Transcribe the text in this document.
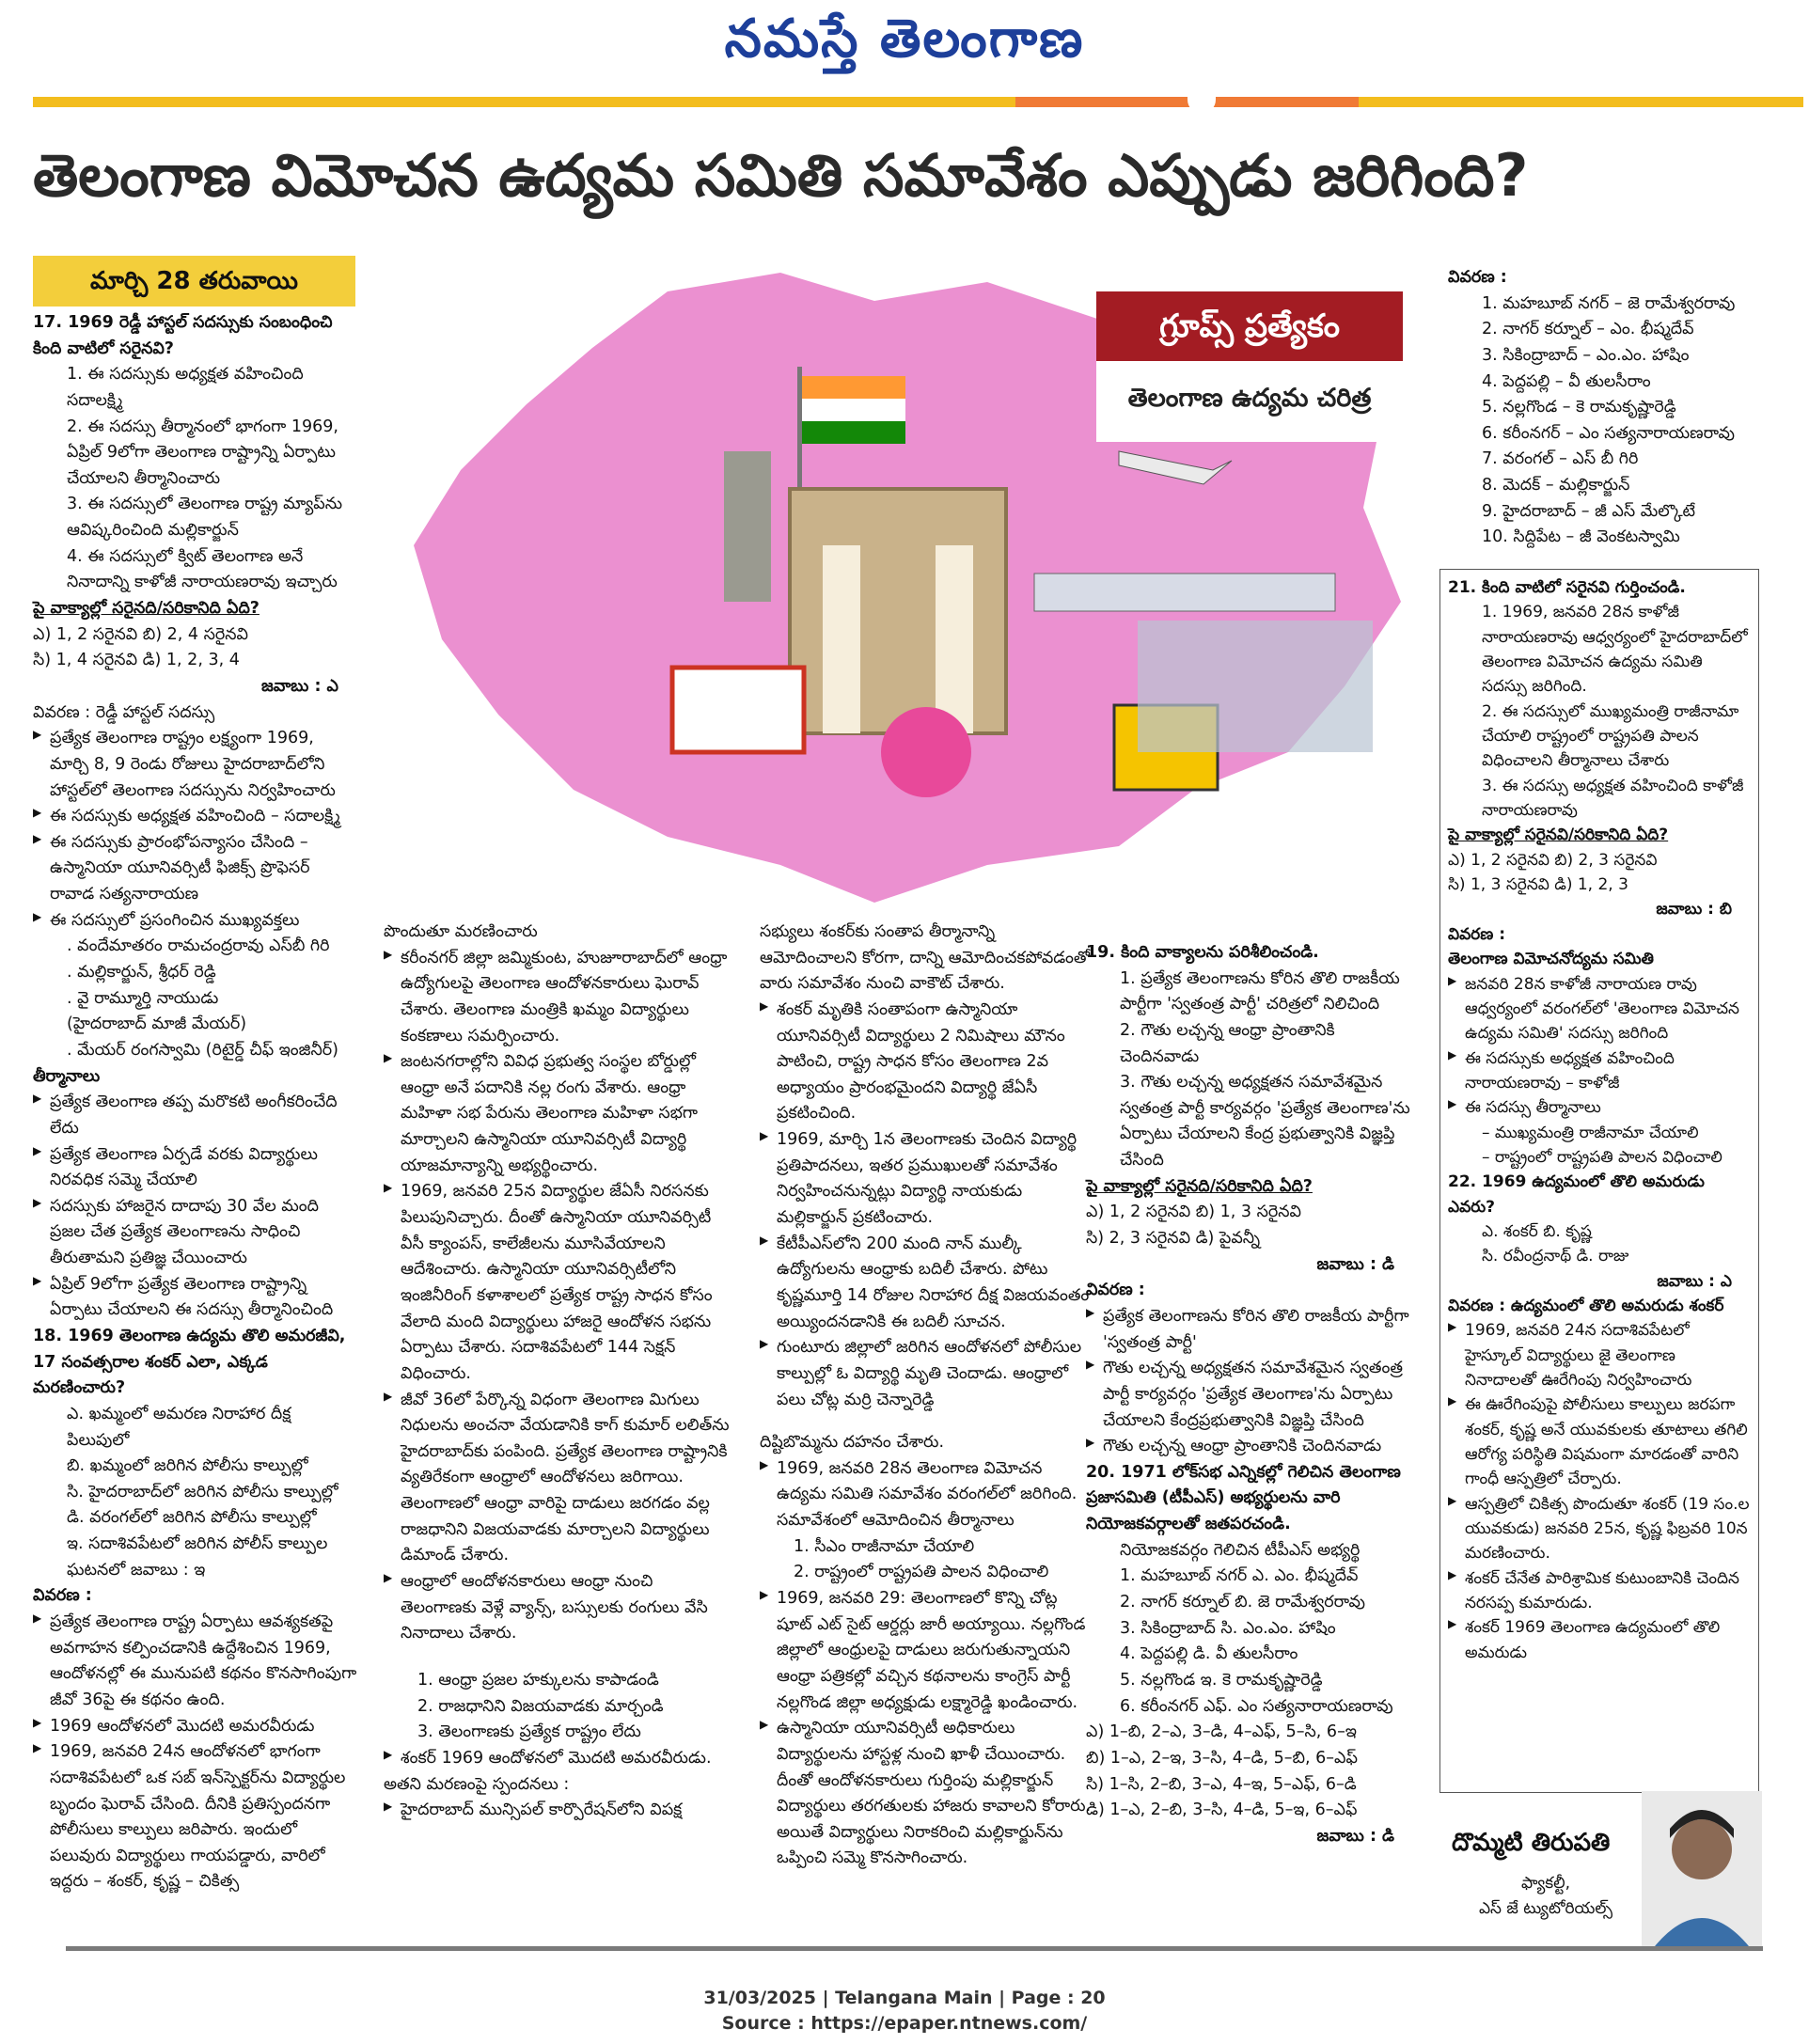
నమస్తే తెలంగాణ
తెలంగాణ విమోచన ఉద్యమ సమితి సమావేశం ఎప్పుడు జరిగింది?
మార్చి 28 తరువాయి
గ్రూప్స్ ప్రత్యేకం
తెలంగాణ ఉద్యమ చరిత్ర

17. 1969 రెడ్డీ హాస్టల్ సదస్సుకు సంబంధించి కింది వాటిలో సరైనవి?

1. ఈ సదస్సుకు అధ్యక్షత వహించింది సదాలక్ష్మి

2. ఈ సదస్సు తీర్మానంలో భాగంగా 1969, ఏప్రిల్ 9లోగా తెలంగాణ రాష్ట్రాన్ని ఏర్పాటు చేయాలని తీర్మానించారు

3. ఈ సదస్సులో తెలంగాణ రాష్ట్ర మ్యాప్‌ను ఆవిష్కరించింది మల్లికార్జున్

4. ఈ సదస్సులో క్విట్ తెలంగాణ అనే నినాదాన్ని కాళోజీ నారాయణరావు ఇచ్చారు

పై వాక్యాల్లో సరైనది/సరికానిది ఏది?

ఎ) 1, 2 సరైనవి బి) 2, 4 సరైనవి

సి) 1, 4 సరైనవి డి) 1, 2, 3, 4

జవాబు : ఎ

వివరణ : రెడ్డీ హాస్టల్ సదస్సు

▶ ప్రత్యేక తెలంగాణ రాష్ట్రం లక్ష్యంగా 1969, మార్చి 8, 9 రెండు రోజులు హైదరాబాద్‌లోని హాస్టల్‌లో తెలంగాణ సదస్సును నిర్వహించారు

▶ ఈ సదస్సుకు అధ్యక్షత వహించింది – సదాలక్ష్మి

▶ ఈ సదస్సుకు ప్రారంభోపన్యాసం చేసింది – ఉస్మానియా యూనివర్సిటీ ఫిజిక్స్ ప్రొఫెసర్ రావాడ సత్యనారాయణ

▶ ఈ సదస్సులో ప్రసంగించిన ముఖ్యవక్తలు

. వందేమాతరం రామచంద్రరావు ఎస్‌బీ గిరి

. మల్లికార్జున్, శ్రీధర్ రెడ్డి

. వై రామ్మూర్తి నాయుడు

(హైదరాబాద్ మాజీ మేయర్)

. మేయర్ రంగస్వామి (రిటైర్డ్ చీఫ్ ఇంజినీర్)

తీర్మానాలు

▶ ప్రత్యేక తెలంగాణ తప్ప మరొకటి అంగీకరించేది లేదు

▶ ప్రత్యేక తెలంగాణ ఏర్పడే వరకు విద్యార్థులు నిరవధిక సమ్మె చేయాలి

▶ సదస్సుకు హాజరైన దాదాపు 30 వేల మంది ప్రజల చేత ప్రత్యేక తెలంగాణను సాధించి తీరుతామని ప్రతిజ్ఞ చేయించారు

▶ ఏప్రిల్ 9లోగా ప్రత్యేక తెలంగాణ రాష్ట్రాన్ని ఏర్పాటు చేయాలని ఈ సదస్సు తీర్మానించింది

18. 1969 తెలంగాణ ఉద్యమ తొలి అమరజీవి, 17 సంవత్సరాల శంకర్ ఎలా, ఎక్కడ మరణించారు?

ఎ. ఖమ్మంలో అమరణ నిరాహార దీక్ష పిలుపులో

బి. ఖమ్మంలో జరిగిన పోలీసు కాల్పుల్లో

సి. హైదరాబాద్‌లో జరిగిన పోలీసు కాల్పుల్లో

డి. వరంగల్‌లో జరిగిన పోలీసు కాల్పుల్లో

ఇ. సదాశివపేటలో జరిగిన పోలీస్ కాల్పుల ఘటనలో జవాబు : ఇ

వివరణ :

▶ ప్రత్యేక తెలంగాణ రాష్ట్ర ఏర్పాటు ఆవశ్యకతపై అవగాహన కల్పించడానికి ఉద్దేశించిన 1969, ఆందోళనల్లో ఈ మునుపటి కథనం కొనసాగింపుగా జీవో 36పై ఈ కథనం ఉంది.

▶ 1969 ఆందోళనలో మొదటి అమరవీరుడు

▶ 1969, జనవరి 24న ఆందోళనలో భాగంగా సదాశివపేటలో ఒక సబ్ ఇన్‌స్పెక్టర్‌ను విద్యార్థుల బృందం ఘెరావ్ చేసింది. దీనికి ప్రతిస్పందనగా పోలీసులు కాల్పులు జరిపారు. ఇందులో పలువురు విద్యార్థులు గాయపడ్డారు, వారిలో ఇద్దరు – శంకర్, కృష్ణ – చికిత్స

పొందుతూ మరణించారు

▶ కరీంనగర్ జిల్లా జమ్మికుంట, హుజూరాబాద్‌లో ఆంధ్రా ఉద్యోగులపై తెలంగాణ ఆందోళనకారులు ఘెరావ్ చేశారు. తెలంగాణ మంత్రికి ఖమ్మం విద్యార్థులు కంకణాలు సమర్పించారు.

▶ జంటనగరాల్లోని వివిధ ప్రభుత్వ సంస్థల బోర్డుల్లో ఆంధ్రా అనే పదానికి నల్ల రంగు వేశారు. ఆంధ్రా మహిళా సభ పేరును తెలంగాణ మహిళా సభగా మార్చాలని ఉస్మానియా యూనివర్సిటీ విద్యార్థి యాజమాన్యాన్ని అభ్యర్థించారు.

▶ 1969, జనవరి 25న విద్యార్థుల జేఏసీ నిరసనకు పిలుపునిచ్చారు. దీంతో ఉస్మానియా యూనివర్సిటీ వీసీ క్యాంపస్, కాలేజీలను మూసివేయాలని ఆదేశించారు. ఉస్మానియా యూనివర్సిటీలోని ఇంజినీరింగ్ కళాశాలలో ప్రత్యేక రాష్ట్ర సాధన కోసం వేలాది మంది విద్యార్థులు హాజరై ఆందోళన సభను ఏర్పాటు చేశారు. సదాశివపేటలో 144 సెక్షన్ విధించారు.

▶ జీవో 36లో పేర్కొన్న విధంగా తెలంగాణ మిగులు నిధులను అంచనా వేయడానికి కాగ్ కుమార్ లలిత్‌ను హైదరాబాద్‌కు పంపింది. ప్రత్యేక తెలంగాణ రాష్ట్రానికి వ్యతిరేకంగా ఆంధ్రాలో ఆందోళనలు జరిగాయి. తెలంగాణలో ఆంధ్రా వారిపై దాడులు జరగడం వల్ల రాజధానిని విజయవాడకు మార్చాలని విద్యార్థులు డిమాండ్ చేశారు.

▶ ఆంధ్రాలో ఆందోళనకారులు ఆంధ్రా నుంచి తెలంగాణకు వెళ్లే వ్యాన్స్, బస్సులకు రంగులు వేసి నినాదాలు చేశారు.

1. ఆంధ్రా ప్రజల హక్కులను కాపాడండి

2. రాజధానిని విజయవాడకు మార్చండి

3. తెలంగాణకు ప్రత్యేక రాష్ట్రం లేదు

▶ శంకర్ 1969 ఆందోళనలో మొదటి అమరవీరుడు.

అతని మరణంపై స్పందనలు :

▶ హైదరాబాద్ మున్సిపల్ కార్పొరేషన్‌లోని విపక్ష

సభ్యులు శంకర్‌కు సంతాప తీర్మానాన్ని ఆమోదించాలని కోరగా, దాన్ని ఆమోదించకపోవడంతో వారు సమావేశం నుంచి వాకౌట్ చేశారు.

▶ శంకర్ మృతికి సంతాపంగా ఉస్మానియా యూనివర్సిటీ విద్యార్థులు 2 నిమిషాలు మౌనం పాటించి, రాష్ట్ర సాధన కోసం తెలంగాణ 2వ అధ్యాయం ప్రారంభమైందని విద్యార్థి జేఏసీ ప్రకటించింది.

▶ 1969, మార్చి 1న తెలంగాణకు చెందిన విద్యార్థి ప్రతిపాదనలు, ఇతర ప్రముఖులతో సమావేశం నిర్వహించనున్నట్లు విద్యార్థి నాయకుడు మల్లికార్జున్ ప్రకటించారు.

▶ కేటీపీఎస్‌లోని 200 మంది నాన్ ముల్కీ ఉద్యోగులను ఆంధ్రాకు బదిలీ చేశారు. పోటు కృష్ణమూర్తి 14 రోజుల నిరాహార దీక్ష విజయవంతం అయ్యిందనడానికి ఈ బదిలీ సూచన.

▶ గుంటూరు జిల్లాలో జరిగిన ఆందోళనలో పోలీసుల కాల్పుల్లో ఓ విద్యార్థి మృతి చెందాడు. ఆంధ్రాలో పలు చోట్ల మర్రి చెన్నారెడ్డి

దిష్టిబొమ్మను దహనం చేశారు.

▶ 1969, జనవరి 28న తెలంగాణ విమోచన ఉద్యమ సమితి సమావేశం వరంగల్‌లో జరిగింది. సమావేశంలో ఆమోదించిన తీర్మానాలు

1. సీఎం రాజీనామా చేయాలి

2. రాష్ట్రంలో రాష్ట్రపతి పాలన విధించాలి

▶ 1969, జనవరి 29: తెలంగాణలో కొన్ని చోట్ల షూట్ ఎట్ సైట్ ఆర్డర్లు జారీ అయ్యాయి. నల్లగొండ జిల్లాలో ఆంధ్రులపై దాడులు జరుగుతున్నాయని ఆంధ్రా పత్రికల్లో వచ్చిన కథనాలను కాంగ్రెస్ పార్టీ నల్లగొండ జిల్లా అధ్యక్షుడు లక్ష్మారెడ్డి ఖండించారు.

▶ ఉస్మానియా యూనివర్సిటీ అధికారులు విద్యార్థులను హాస్టళ్ల నుంచి ఖాళీ చేయించారు. దీంతో ఆందోళనకారులు గుర్తింపు మల్లికార్జున్ విద్యార్థులు తరగతులకు హాజరు కావాలని కోరారు. అయితే విద్యార్థులు నిరాకరించి మల్లికార్జున్‌ను ఒప్పించి సమ్మె కొనసాగించారు.

19. కింది వాక్యాలను పరిశీలించండి.

1. ప్రత్యేక తెలంగాణను కోరిన తొలి రాజకీయ పార్టీగా 'స్వతంత్ర పార్టీ' చరిత్రలో నిలిచింది

2. గౌతు లచ్చన్న ఆంధ్రా ప్రాంతానికి చెందినవాడు

3. గౌతు లచ్చన్న అధ్యక్షతన సమావేశమైన స్వతంత్ర పార్టీ కార్యవర్గం 'ప్రత్యేక తెలంగాణ'ను ఏర్పాటు చేయాలని కేంద్ర ప్రభుత్వానికి విజ్ఞప్తి చేసింది

పై వాక్యాల్లో సరైనది/సరికానిది ఏది?

ఎ) 1, 2 సరైనవి బి) 1, 3 సరైనవి

సి) 2, 3 సరైనవి డి) పైవన్నీ

జవాబు : డి

వివరణ :

▶ ప్రత్యేక తెలంగాణను కోరిన తొలి రాజకీయ పార్టీగా 'స్వతంత్ర పార్టీ'

▶ గౌతు లచ్చన్న అధ్యక్షతన సమావేశమైన స్వతంత్ర పార్టీ కార్యవర్గం 'ప్రత్యేక తెలంగాణ'ను ఏర్పాటు చేయాలని కేంద్రప్రభుత్వానికి విజ్ఞప్తి చేసింది

▶ గౌతు లచ్చన్న ఆంధ్రా ప్రాంతానికి చెందినవాడు

20. 1971 లోక్‌సభ ఎన్నికల్లో గెలిచిన తెలంగాణ ప్రజాసమితి (టీపీఎస్) అభ్యర్థులను వారి నియోజకవర్గాలతో జతపరచండి.

నియోజకవర్గం గెలిచిన టీపీఎస్ అభ్యర్థి

1. మహబూబ్ నగర్ ఎ. ఎం. భీష్మదేవ్

2. నాగర్ కర్నూల్ బి. జె రామేశ్వరరావు

3. సికింద్రాబాద్ సి. ఎం.ఎం. హాషిం

4. పెద్దపల్లి డి. వీ తులసీరాం

5. నల్లగొండ ఇ. కె రామకృష్ణారెడ్డి

6. కరీంనగర్ ఎఫ్. ఎం సత్యనారాయణరావు

ఎ) 1–బి, 2–ఎ, 3–డి, 4–ఎఫ్, 5–సి, 6–ఇ

బి) 1–ఎ, 2–ఇ, 3–సి, 4–డి, 5–బి, 6–ఎఫ్

సి) 1–సి, 2–బి, 3–ఎ, 4–ఇ, 5–ఎఫ్, 6–డి

డి) 1–ఎ, 2–బి, 3–సి, 4–డి, 5–ఇ, 6–ఎఫ్

జవాబు : డి

వివరణ :

1. మహబూబ్ నగర్ – జె రామేశ్వరరావు

2. నాగర్ కర్నూల్ – ఎం. భీష్మదేవ్

3. సికింద్రాబాద్ – ఎం.ఎం. హాషిం

4. పెద్దపల్లి – వీ తులసీరాం

5. నల్లగొండ – కె రామకృష్ణారెడ్డి

6. కరీంనగర్ – ఎం సత్యనారాయణరావు

7. వరంగల్ – ఎస్ బీ గిరి

8. మెదక్ – మల్లికార్జున్

9. హైదరాబాద్ – జీ ఎస్ మేల్కొటే

10. సిద్దిపేట – జీ వెంకటస్వామి

21. కింది వాటిలో సరైనవి గుర్తించండి.

1. 1969, జనవరి 28న కాళోజీ నారాయణరావు ఆధ్వర్యంలో హైదరాబాద్‌లో తెలంగాణ విమోచన ఉద్యమ సమితి సదస్సు జరిగింది.

2. ఈ సదస్సులో ముఖ్యమంత్రి రాజీనామా చేయాలి రాష్ట్రంలో రాష్ట్రపతి పాలన విధించాలని తీర్మానాలు చేశారు

3. ఈ సదస్సు అధ్యక్షత వహించింది కాళోజీ నారాయణరావు

పై వాక్యాల్లో సరైనవి/సరికానిది ఏది?

ఎ) 1, 2 సరైనవి బి) 2, 3 సరైనవి

సి) 1, 3 సరైనవి డి) 1, 2, 3

జవాబు : బి

వివరణ :

తెలంగాణ విమోచనోద్యమ సమితి

▶ జనవరి 28న కాళోజీ నారాయణ రావు ఆధ్వర్యంలో వరంగల్‌లో 'తెలంగాణ విమోచన ఉద్యమ సమితి' సదస్సు జరిగింది

▶ ఈ సదస్సుకు అధ్యక్షత వహించింది నారాయణరావు – కాళోజీ

▶ ఈ సదస్సు తీర్మానాలు

– ముఖ్యమంత్రి రాజీనామా చేయాలి

– రాష్ట్రంలో రాష్ట్రపతి పాలన విధించాలి

22. 1969 ఉద్యమంలో తొలి అమరుడు ఎవరు?

ఎ. శంకర్ బి. కృష్ణ

సి. రవీంద్రనాథ్ డి. రాజు

జవాబు : ఎ

వివరణ : ఉద్యమంలో తొలి అమరుడు శంకర్

▶ 1969, జనవరి 24న సదాశివపేటలో హైస్కూల్ విద్యార్థులు జై తెలంగాణ నినాదాలతో ఊరేగింపు నిర్వహించారు

▶ ఈ ఊరేగింపుపై పోలీసులు కాల్పులు జరపగా శంకర్, కృష్ణ అనే యువకులకు తూటాలు తగిలి ఆరోగ్య పరిస్థితి విషమంగా మారడంతో వారిని గాంధీ ఆస్పత్రిలో చేర్పారు.

▶ ఆస్పత్రిలో చికిత్స పొందుతూ శంకర్ (19 సం.ల యువకుడు) జనవరి 25న, కృష్ణ ఫిబ్రవరి 10న మరణించారు.

▶ శంకర్ చేనేత పారిశ్రామిక కుటుంబానికి చెందిన నరసప్ప కుమారుడు.

▶ శంకర్ 1969 తెలంగాణ ఉద్యమంలో తొలి అమరుడు

దొమ్మటి తిరుపతి
ఫ్యాకల్టీ,
ఎస్ జే ట్యుటోరియల్స్
31/03/2025 | Telangana Main | Page : 20
Source : https://epaper.ntnews.com/
